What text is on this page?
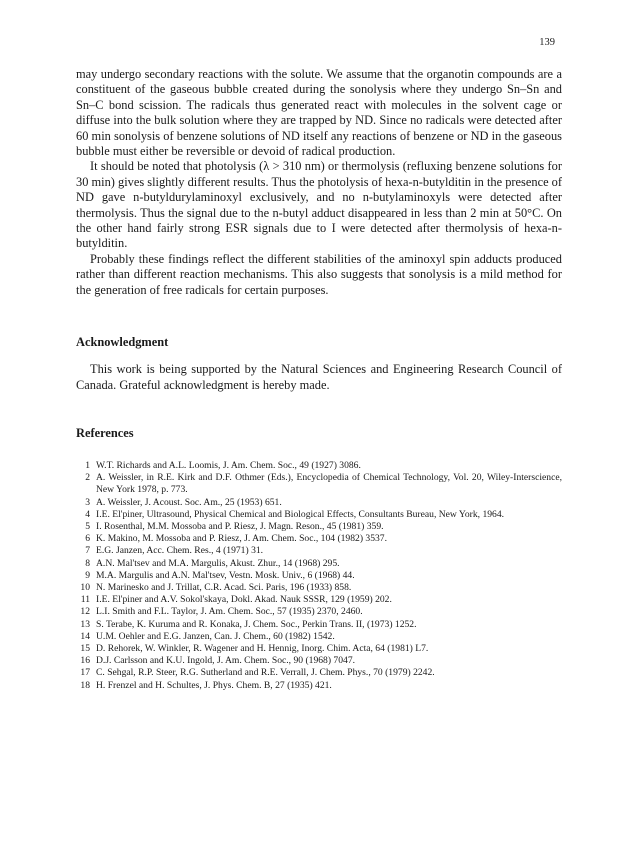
139

may undergo secondary reactions with the solute. We assume that the organotin compounds are a constituent of the gaseous bubble created during the sonolysis where they undergo Sn–Sn and Sn–C bond scission. The radicals thus generated react with molecules in the solvent cage or diffuse into the bulk solution where they are trapped by ND. Since no radicals were detected after 60 min sonolysis of benzene solutions of ND itself any reactions of benzene or ND in the gaseous bubble must either be reversible or devoid of radical production.

It should be noted that photolysis (λ > 310 nm) or thermolysis (refluxing benzene solutions for 30 min) gives slightly different results. Thus the photolysis of hexa-n-butylditin in the presence of ND gave n-butyldurylaminoxyl exclusively, and no n-butylaminoxyls were detected after thermolysis. Thus the signal due to the n-butyl adduct disappeared in less than 2 min at 50°C. On the other hand fairly strong ESR signals due to I were detected after thermolysis of hexa-n-butylditin.

Probably these findings reflect the different stabilities of the aminoxyl spin adducts produced rather than different reaction mechanisms. This also suggests that sonolysis is a mild method for the generation of free radicals for certain purposes.

Acknowledgment

This work is being supported by the Natural Sciences and Engineering Research Council of Canada. Grateful acknowledgment is hereby made.

References
1 W.T. Richards and A.L. Loomis, J. Am. Chem. Soc., 49 (1927) 3086.
2 A. Weissler, in R.E. Kirk and D.F. Othmer (Eds.), Encyclopedia of Chemical Technology, Vol. 20, Wiley-Interscience, New York 1978, p. 773.
3 A. Weissler, J. Acoust. Soc. Am., 25 (1953) 651.
4 I.E. El'piner, Ultrasound, Physical Chemical and Biological Effects, Consultants Bureau, New York, 1964.
5 I. Rosenthal, M.M. Mossoba and P. Riesz, J. Magn. Reson., 45 (1981) 359.
6 K. Makino, M. Mossoba and P. Riesz, J. Am. Chem. Soc., 104 (1982) 3537.
7 E.G. Janzen, Acc. Chem. Res., 4 (1971) 31.
8 A.N. Mal'tsev and M.A. Margulis, Akust. Zhur., 14 (1968) 295.
9 M.A. Margulis and A.N. Mal'tsev, Vestn. Mosk. Univ., 6 (1968) 44.
10 N. Marinesko and J. Trillat, C.R. Acad. Sci. Paris, 196 (1933) 858.
11 I.E. El'piner and A.V. Sokol'skaya, Dokl. Akad. Nauk SSSR, 129 (1959) 202.
12 L.I. Smith and F.L. Taylor, J. Am. Chem. Soc., 57 (1935) 2370, 2460.
13 S. Terabe, K. Kuruma and R. Konaka, J. Chem. Soc., Perkin Trans. II, (1973) 1252.
14 U.M. Oehler and E.G. Janzen, Can. J. Chem., 60 (1982) 1542.
15 D. Rehorek, W. Winkler, R. Wagener and H. Hennig, Inorg. Chim. Acta, 64 (1981) L7.
16 D.J. Carlsson and K.U. Ingold, J. Am. Chem. Soc., 90 (1968) 7047.
17 C. Sehgal, R.P. Steer, R.G. Sutherland and R.E. Verrall, J. Chem. Phys., 70 (1979) 2242.
18 H. Frenzel and H. Schultes, J. Phys. Chem. B, 27 (1935) 421.
